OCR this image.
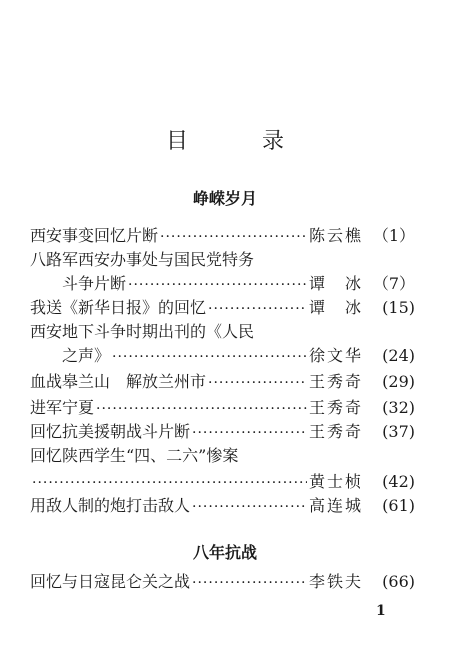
目　录
峥嵘岁月
西安事变回忆片断 ·····	陈云樵 （1）
八路军西安办事处与国民党特务
斗争片断 ·····	谭　冰 （7）
我送《新华日报》的回忆 ·····	谭　冰	(15)
西安地下斗争时期出刊的《人民
之声》 ·····	徐文华	(24)
血战皋兰山　解放兰州市 ·····	王秀奇	(29)
进军宁夏 ·····	王秀奇	(32)
回忆抗美援朝战斗片断 ·····	王秀奇	(37)
回忆陕西学生“四、二六”惨案
·····
黄士桢	(42)
用敌人制的炮打击敌人 ·····	高连城	(61)
八年抗战
回忆与日寇昆仑关之战 ·····	李铁夫	(66)
1
